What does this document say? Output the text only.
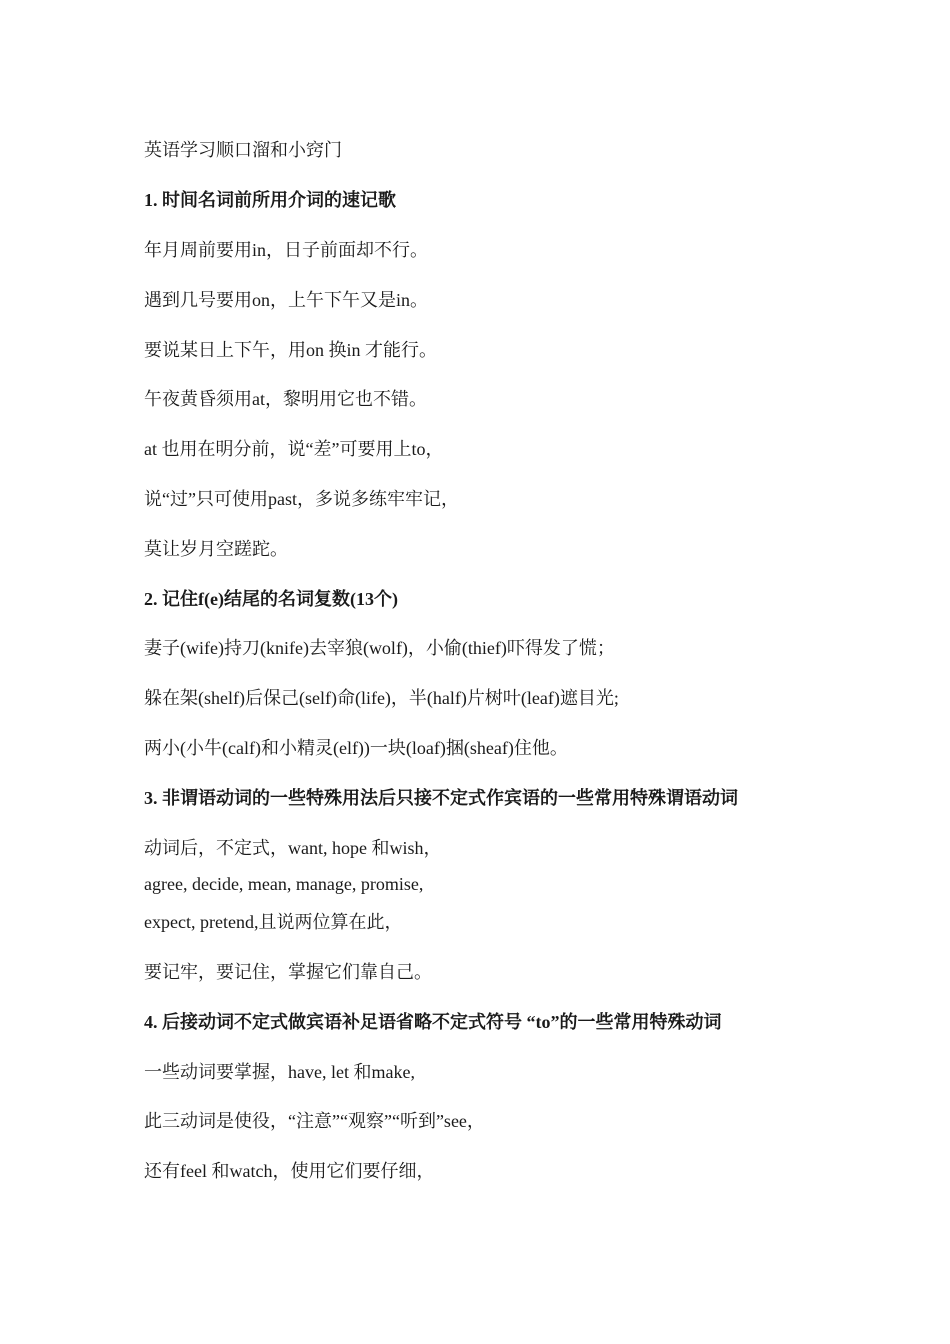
英语学习顺口溜和小窍门
1. 时间名词前所用介词的速记歌
年月周前要用in，日子前面却不行。
遇到几号要用on，上午下午又是in。
要说某日上下午，用on 换in 才能行。
午夜黄昏须用at，黎明用它也不错。
at 也用在明分前，说“差”可要用上to，
说“过”只可使用past，多说多练牢牢记，
莫让岁月空蹉跎。
2. 记住f(e)结尾的名词复数(13个)
妻子(wife)持刀(knife)去宰狼(wolf)，小偷(thief)吓得发了慌；
躲在架(shelf)后保己(self)命(life)，半(half)片树叶(leaf)遮目光;
两小(小牛(calf)和小精灵(elf))一块(loaf)捆(sheaf)住他。
3. 非谓语动词的一些特殊用法后只接不定式作宾语的一些常用特殊谓语动词
动词后，不定式，want, hope 和wish，
agree, decide, mean, manage, promise,
expect, pretend,且说两位算在此，
要记牢，要记住，掌握它们靠自己。
4. 后接动词不定式做宾语补足语省略不定式符号 “to”的一些常用特殊动词
一些动词要掌握，have, let 和make,
此三动词是使役，“注意”“观察”“听到”see，
还有feel 和watch，使用它们要仔细，
